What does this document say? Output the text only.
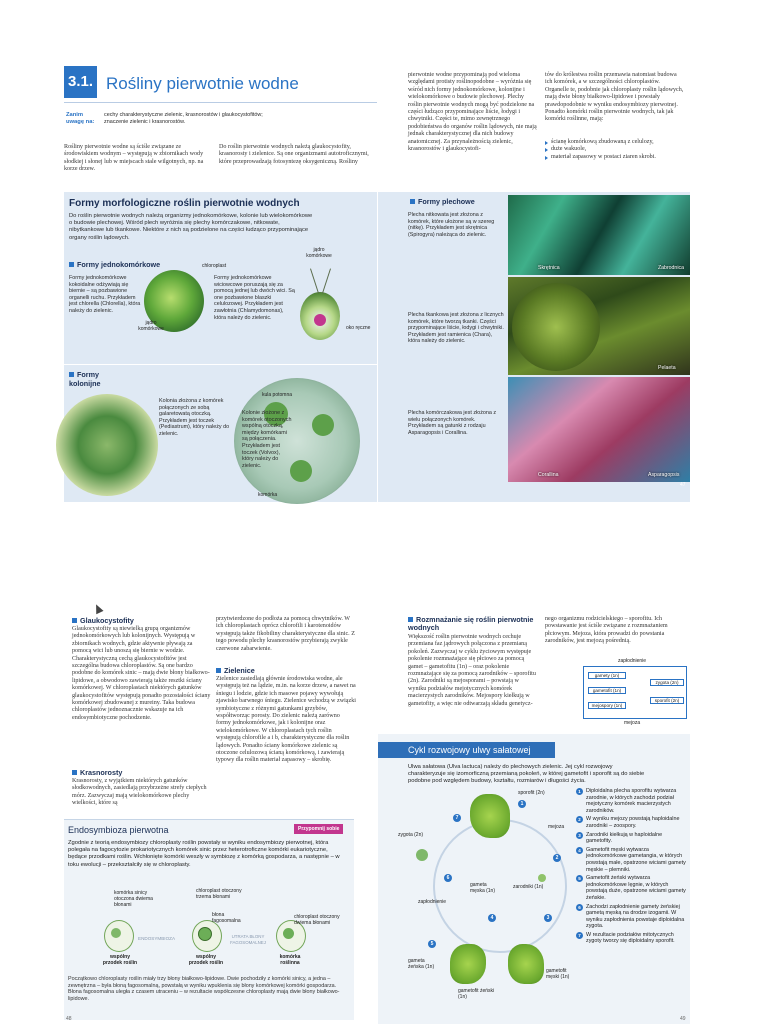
3.1. Rośliny pierwotnie wodne
Zanim
uwagę na:
cechy charakterystyczne zielenic, krasnorostów i glaukocystofitów;
znaczenie zielenic i krasnorostów.
Rośliny pierwotnie wodne są ściśle związane ze środowiskiem wodnym – występują w zbiornikach wody słodkiej i słonej lub w miejscach stale wilgotnych, np. na korze drzew.
Do roślin pierwotnie wodnych należą glaukocystofity, krasnorosty i zielenice. Są one organizmami autotroficznymi, które przeprowadzają fotosyntezę oksygeniczną. Rośliny
Formy morfologiczne roślin pierwotnie wodnych
Do roślin pierwotnie wodnych należą organizmy jednokomórkowe, kolonie lub wielokomórkowe o budowie plechowej. Wśród plech wyróżnia się plechy komórczakowe, nitkowate, nibytkankowe lub tkankowe. Niektóre z nich są podzielone na części łudząco przypominające organy roślin lądowych.
Formy jednokomórkowe	chloroplast
jądro komórkowe
Formy jednokomórkowe kokoidalne odżywiają się biernie – są pozbawione organelli ruchu. Przykładem jest chlorella (Chlorella), która należy do zielenic.
Formy jednokomórkowe wiciowcowe poruszają się za pomocą jednej lub dwóch wici. Są one pozbawione blaszki celulozowej. Przykładem jest zawłotnia (Chlamydomonas), która należy do zielenic.
jądro komórkowe	oko ręczne
Formy kolonijne
Kolonia złożona z komórek połączonych ze sobą galaretowatą otoczką. Przykładem jest toczek (Pediastrum), który należy do zielenic.
Kolonie złożone z komórek otoczonych wspólną otoczką, między komórkami są połączenia. Przykładem jest toczek (Volvox), który należy do zielenic.
kula potomna
komórka
pierwotnie wodne przypominają pod wieloma względami protisty roślinopodobne – wyróżnia się wśród nich formy jednokomórkowe, kolonijne i wielokomórkowe o budowie plechowej. Plechy roślin pierwotnie wodnych mogą być podzielone na części łudząco przypominające liście, łodygi i chwytniki. Części te, mimo zewnętrznego podobieństwa do organów roślin lądowych, nie mają jednak charakterystycznej dla nich budowy anatomicznej. Za przynależnością zielenic, krasnorostów i glaukocystofi-
tów do królestwa roślin przemawia natomiast budowa ich komórek, a w szczególności chloroplastów. Organelle te, podobnie jak chloroplasty roślin lądowych, mają dwie błony białkowo-lipidowe i powstały prawdopodobnie w wyniku endosymbiozy pierwotnej. Ponadto komórki roślin pierwotnie wodnych, tak jak komórki roślinne, mają:
ścianę komórkową zbudowaną z celulozy,
duże wakuole,
materiał zapasowy w postaci ziaren skrobi.
Formy plechowe
Plecha nitkowata jest złożona z komórek, które ułożone są w szereg (nitkę). Przykładem jest skrętnica (Spirogyra) należąca do zielenic.
Skrętnica	Zabrodnica
Plecha tkankowa jest złożona z licznych komórek, które tworzą tkanki. Części przypominające liście, łodygi i chwytniki. Przykładem jest ramienica (Chara), która należy do zielenic.
Pelaeta
Plecha komórczakowa jest złożona z wielu połączonych komórek. Przykładem są gatunki z rodzaju Asparagopsis i Corallina.
Corallina	Asparagopsis
47
Glaukocystofity
Glaukocystofity są niewielką grupą organizmów jednokomórkowych lub kolonijnych. Występują w zbiornikach wodnych, gdzie aktywnie pływają za pomocą wici lub unoszą się biernie w wodzie. Charakterystyczną cechą glaukocystofitów jest szczególna budowa chloroplastów. Są one bardzo podobne do komórek sinic – mają dwie błony białkowo-lipidowe, a obwodowo zawierają także resztki ściany komórkowej. W chloroplastach niektórych gatunków glaukocystofitów występują ponadto pozostałości ściany komórkowej zbudowanej z mureiny. Taka budowa chloroplastów jednoznacznie wskazuje na ich endosymbiotyczne pochodzenie.
Krasnorosty
Krasnorosty, z wyjątkiem niektórych gatunków słodkowodnych, zasiedlają przybrzeżne strefy ciepłych mórz. Zazwyczaj mają wielokomórkowe plechy wielkości, które są
przytwierdzone do podłoża za pomocą chwytników. W ich chloroplastach oprócz chlorofili i karotenoidów występują także fikobiliny charakterystyczne dla sinic. Z tego powodu plechy krasnorostów przybierają zwykle czerwone zabarwienie.
Zielenice
Zielenice zasiedlają głównie środowiska wodne, ale występują też na lądzie, m.in. na korze drzew, a nawet na śniegu i lodzie, gdzie ich masowe pojawy wywołują zjawisko barwnego śniegu. Zielenice wchodzą w związki symbiotyczne z różnymi gatunkami grzybów, współtworząc porosty. Do zielenic należą zarówno formy jednokomórkowe, jak i kolonijne oraz wielokomórkowe. W chloroplastach tych roślin występują chlorofile a i b, charakterystyczne dla roślin lądowych. Ponadto ściany komórkowe zielenic są otoczone celulozową ścianą komórkową, i zawierają typowy dla roślin materiał zapasowy – skrobię.
Endosymbioza pierwotna	Przypomnij sobie
Zgodnie z teorią endosymbiozy chloroplasty roślin powstały w wyniku endosymbiozy pierwotnej, która polegała na fagocytozie prokariotycznych komórek sinic przez heterotroficzne komórki eukariotyczne, będące przodkami roślin. Wchłonięte komórki weszły w symbiozę z komórką gospodarza, a następnie – w toku ewolucji – przekształciły się w chloroplasty.
komórka sinicy otoczona dwiema błonami
chloroplast otoczony trzema błonami
błona fagosomalna
chloroplast otoczony dwiema błonami
ENDOSYMBIOZA	UTRATA BŁONY FAGOSOMALNEJ
wspólny przodek roślin
wspólny przodek roślin
komórka roślinna
Początkowo chloroplasty roślin miały trzy błony białkowo-lipidowe. Dwie pochodziły z komórki sinicy, a jedna – zewnętrzna – była błoną fagosomalną, powstałą w wyniku wpuklenia się błony komórkowej komórki gospodarza. Błona fagosomalna uległa z czasem utraceniu – w rezultacie współczesne chloroplasty mają dwie błony białkowo-lipidowe.
48
Rozmnażanie się roślin pierwotnie wodnych
Większość roślin pierwotnie wodnych cechuje przemiana faz jądrowych połączona z przemianą pokoleń. Zazwyczaj w cyklu życiowym występuje pokolenie rozmnażające się płciowo za pomocą gamet – gametofitu (1n) – oraz pokolenie rozmnażające się za pomocą zarodników – sporofitu (2n). Zarodniki są mejosporami – powstają w wyniku podziałów mejotycznych komórek macierzystych zarodników. Mejospory kiełkują w gametofity, a więc nie odtwarzają składu genetycz-
nego organizmu rodzicielskiego – sporofitu. Ich powstawanie jest ściśle związane z rozmnażaniem płciowym. Mejoza, która prowadzi do powstania zarodników, jest mejozą pośrednią.
zapłodnienie
gamety (1n)
gametofit (1n)
mejospory (1n)
zygota (2n)
sporofit (2n)
mejoza
Cykl rozwojowy ulwy sałatowej
Ulwa sałatowa (Ulva lactuca) należy do plechowych zielenic. Jej cykl rozwojowy charakteryzuje się izomorficzną przemianą pokoleń, w której gametofit i sporofit są do siebie podobne pod względem budowy, kształtu, rozmiarów i długości życia.
1
2
3
4
5
6
7
sporofit (2n)
zygota (2n)
mejoza
gameta męska (1n)
zarodniki (1n)
zapłodnienie
gameta żeńska (1n)
gametofit żeński (1n)
gametofit męski (1n)
1 Diploidalna plecha sporofitu wytwarza zarodnie, w których zachodzi podział mejotyczny komórek macierzystych zarodników.
2 W wyniku mejozy powstają haploidalne zarodniki – zoospory.
3 Zarodniki kiełkują w haploidalne gametofity.
4 Gametofit męski wytwarza jednokomórkowe gametangia, w których powstają małe, opatrzone wiciami gamety męskie – plemniki.
5 Gametofit żeński wytwarza jednokomórkowe lęgnie, w których powstają duże, opatrzone wiciami gamety żeńskie.
6 Zachodzi zapłodnienie gamety żeńskiej gametą męską na drodze izogamii. W wyniku zapłodnienia powstaje diploidalna zygota.
7 W rezultacie podziałów mitotycznych zygoty tworzy się diploidalny sporofit.
49
